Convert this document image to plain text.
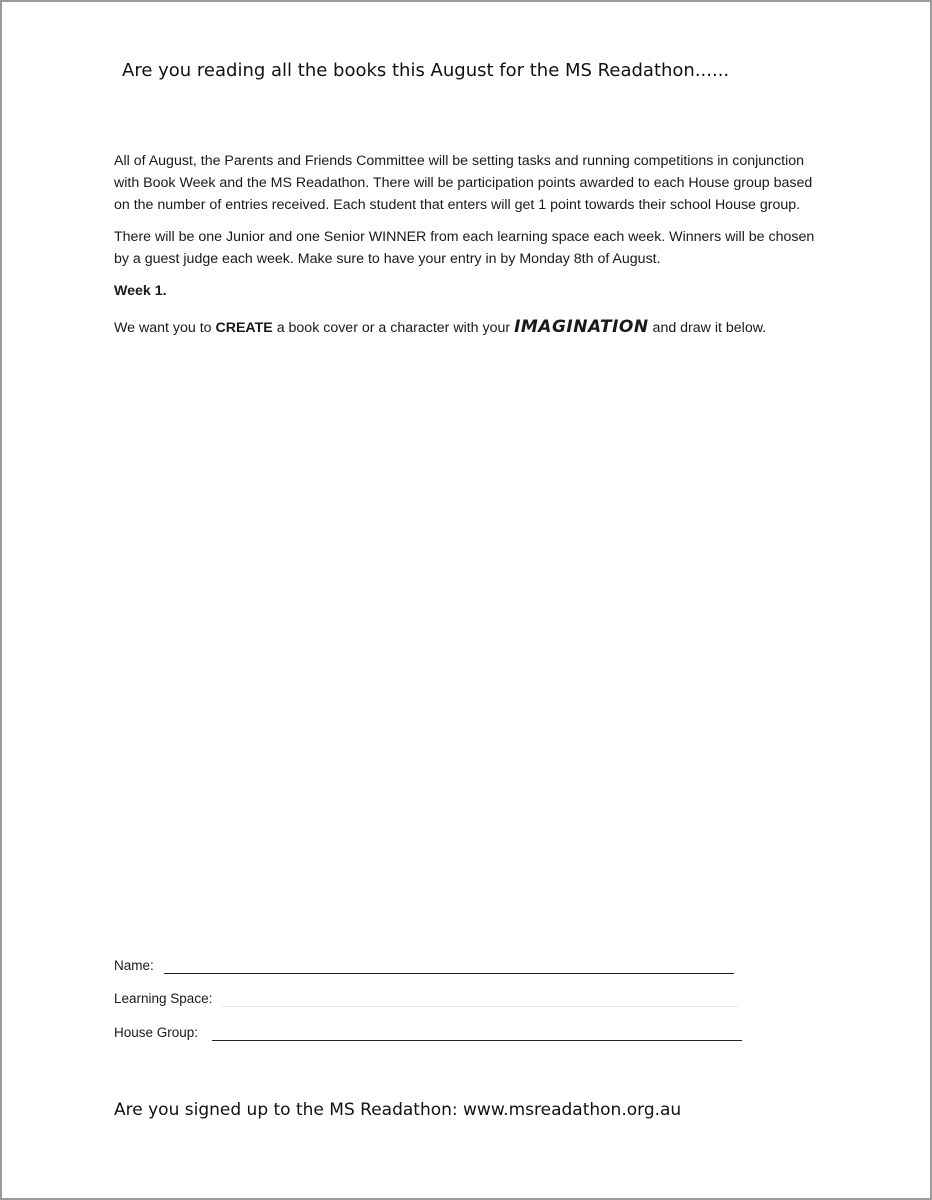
Are you reading all the books this August for the MS Readathon......

All of August, the Parents and Friends Committee will be setting tasks and running competitions in conjunction with Book Week and the MS Readathon. There will be participation points awarded to each House group based on the number of entries received. Each student that enters will get 1 point towards their school House group.

There will be one Junior and one Senior WINNER from each learning space each week. Winners will be chosen by a guest judge each week. Make sure to have your entry in by Monday 8th of August.

Week 1.

We want you to CREATE a book cover or a character with your IMAGINATION and draw it below.

Name:
Learning Space:
House Group:
Are you signed up to the MS Readathon: www.msreadathon.org.au
